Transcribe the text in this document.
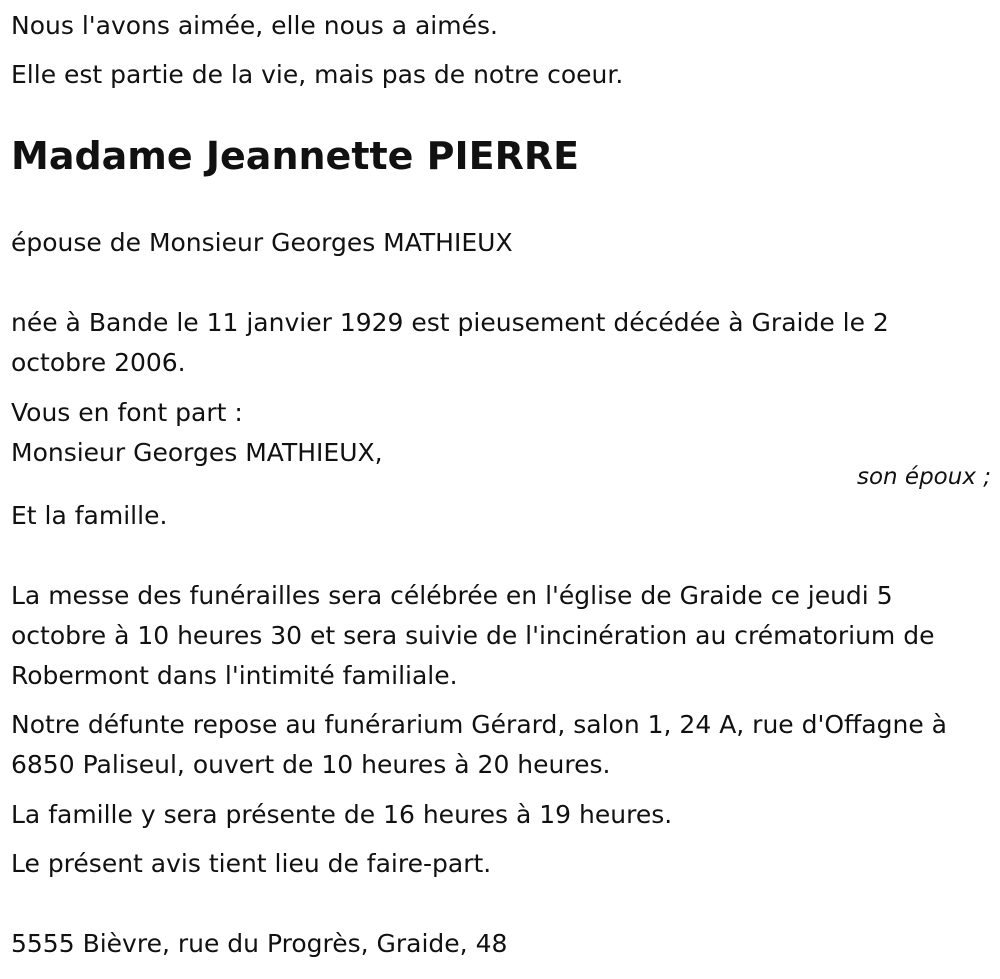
Nous l'avons aimée, elle nous a aimés.
Elle est partie de la vie, mais pas de notre coeur.
Madame Jeannette PIERRE
épouse de Monsieur Georges MATHIEUX
née à Bande le 11 janvier 1929 est pieusement décédée à Graide le 2 octobre 2006.
Vous en font part :
Monsieur Georges MATHIEUX,
son époux ;
Et la famille.
La messe des funérailles sera célébrée en l'église de Graide ce jeudi 5 octobre à 10 heures 30 et sera suivie de l'incinération au crématorium de Robermont dans l'intimité familiale.
Notre défunte repose au funérarium Gérard, salon 1, 24 A, rue d'Offagne à 6850 Paliseul, ouvert de 10 heures à 20 heures.
La famille y sera présente de 16 heures à 19 heures.
Le présent avis tient lieu de faire-part.
5555 Bièvre, rue du Progrès, Graide, 48
